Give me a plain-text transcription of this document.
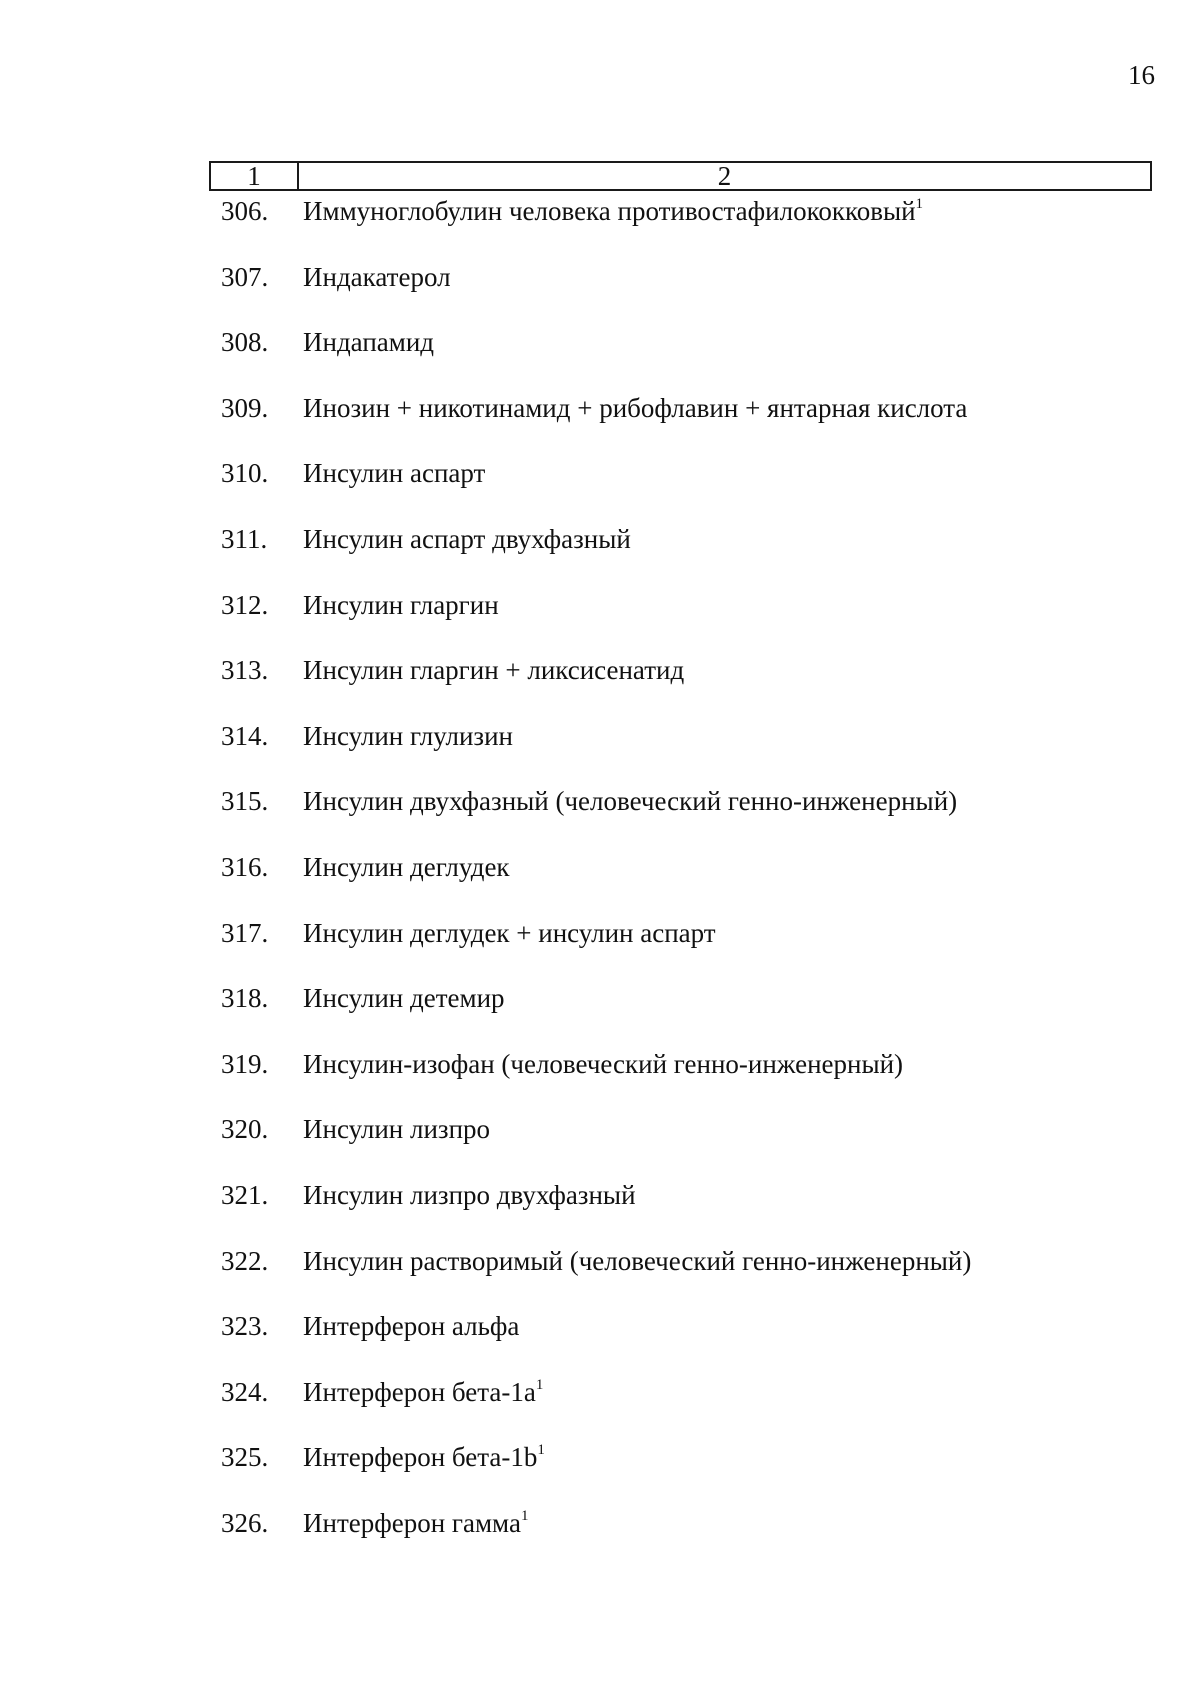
16
1	2
306. Иммуноглобулин человека противостафилококковый$^1$
307. Индакатерол
308. Индапамид
309. Инозин + никотинамид + рибофлавин + янтарная кислота
310. Инсулин аспарт
311. Инсулин аспарт двухфазный
312. Инсулин гларгин
313. Инсулин гларгин + ликсисенатид
314. Инсулин глулизин
315. Инсулин двухфазный (человеческий генно-инженерный)
316. Инсулин деглудек
317. Инсулин деглудек + инсулин аспарт
318. Инсулин детемир
319. Инсулин-изофан (человеческий генно-инженерный)
320. Инсулин лизпро
321. Инсулин лизпро двухфазный
322. Инсулин растворимый (человеческий генно-инженерный)
323. Интерферон альфа
324. Интерферон бета-$1а^1$
325. Интерферон бета-$1b^1$
326. Интерферон гамма$^1$
